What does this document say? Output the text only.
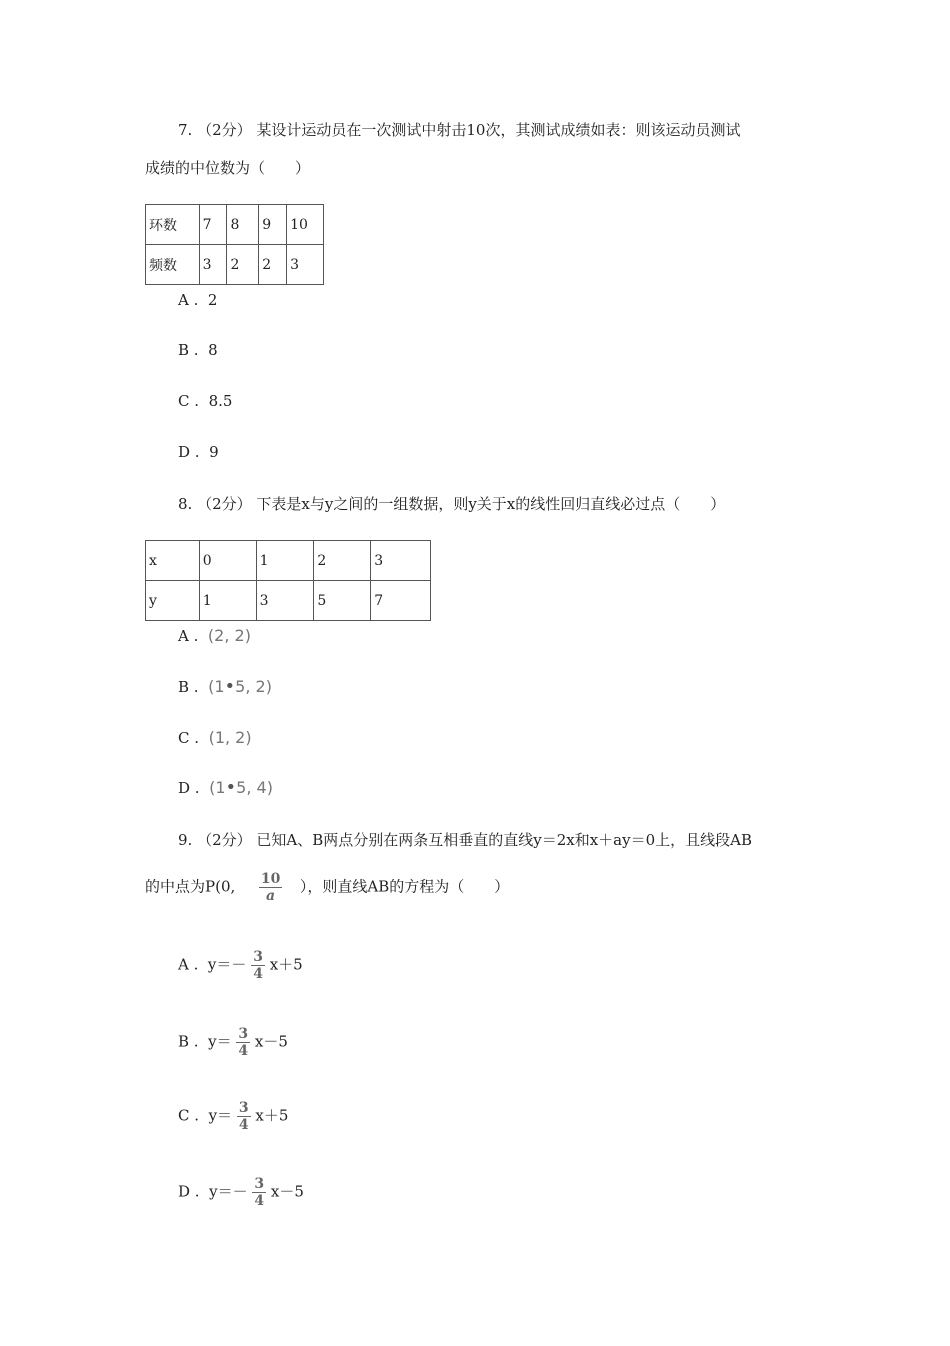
7. （2分） 某设计运动员在一次测试中射击10次，其测试成绩如表：则该运动员测试
成绩的中位数为（　　）
环数	7	8	9	10
频数	3	2	2	3
A . 2
B . 8
C . 8.5
D . 9
8. （2分） 下表是x与y之间的一组数据，则y关于x的线性回归直线必过点（　　）
x	0	1	2	3
y	1	3	5	7
A . (2, 2)
B . (1•5, 2)
C . (1, 2)
D . (1•5, 4)
9. （2分） 已知A、B两点分别在两条互相垂直的直线y＝2x和x＋ay＝0上，且线段AB
的中点为P(0, $\frac{10}{a}$ ），则直线AB的方程为（　　）
A . $y=- \frac{3}{4} x+5$
B . $y= \frac{3}{4} x-5$
C . $y= \frac{3}{4} x+5$
D . $y=- \frac{3}{4} x-5$
